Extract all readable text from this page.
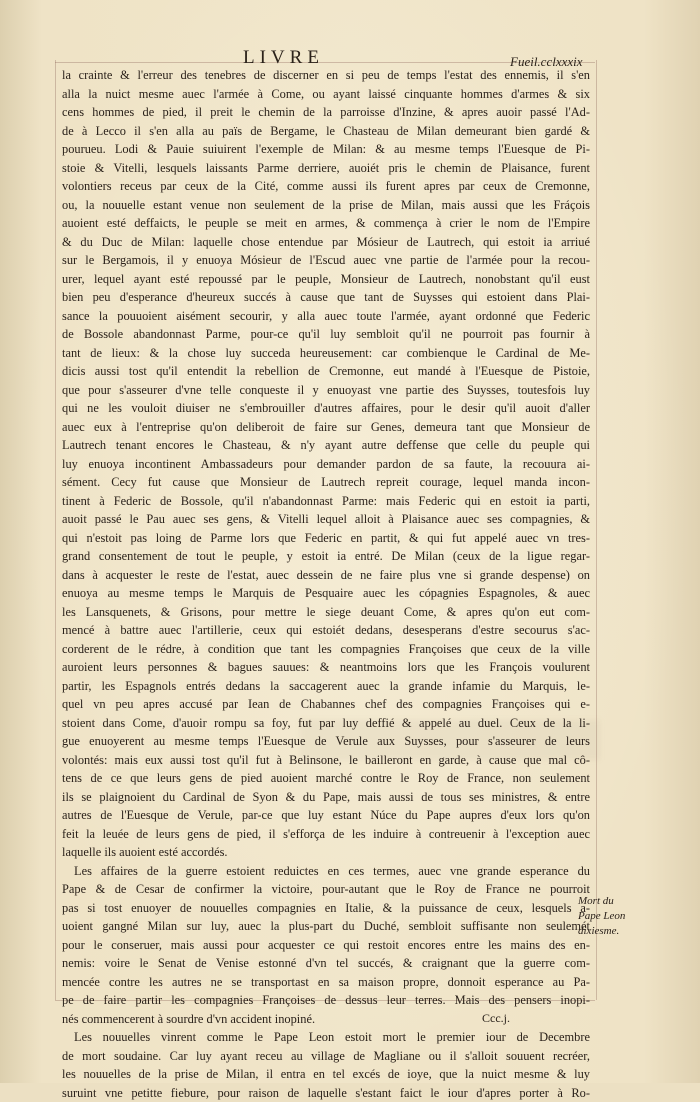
LIVRE	Fueil.cclxxxix
la crainte & l'erreur des tenebres de discerner en si peu de temps l'estat des ennemis, il s'en
alla la nuict mesme auec l'armée à Come, ou ayant laissé cinquante hommes d'armes & six
cens hommes de pied, il preit le chemin de la parroisse d'Inzine, & apres auoir passé l'Ad-
de à Lecco il s'en alla au païs de Bergame, le Chasteau de Milan demeurant bien gardé &
pourueu. Lodi & Pauie suiuirent l'exemple de Milan: & au mesme temps l'Euesque de Pi-
stoie & Vitelli, lesquels laissants Parme derriere, auoiét pris le chemin de Plaisance, furent
volontiers receus par ceux de la Cité, comme aussi ils furent apres par ceux de Cremonne,
ou, la nouuelle estant venue non seulement de la prise de Milan, mais aussi que les Fráçois
auoient esté deffaicts, le peuple se meit en armes, & commença à crier le nom de l'Empire
& du Duc de Milan: laquelle chose entendue par Mósieur de Lautrech, qui estoit ia arriué
sur le Bergamois, il y enuoya Mósieur de l'Escud auec vne partie de l'armée pour la recou-
urer, lequel ayant esté repoussé par le peuple, Monsieur de Lautrech, nonobstant qu'il eust
bien peu d'esperance d'heureux succés à cause que tant de Suysses qui estoient dans Plai-
sance la pouuoient aisément secourir, y alla auec toute l'armée, ayant ordonné que Federic
de Bossole abandonnast Parme, pour-ce qu'il luy sembloit qu'il ne pourroit pas fournir à
tant de lieux: & la chose luy succeda heureusement: car combienque le Cardinal de Me-
dicis aussi tost qu'il entendit la rebellion de Cremonne, eut mandé à l'Euesque de Pistoie,
que pour s'asseurer d'vne telle conqueste il y enuoyast vne partie des Suysses, toutesfois luy
qui ne les vouloit diuiser ne s'embrouiller d'autres affaires, pour le desir qu'il auoit d'aller
auec eux à l'entreprise qu'on deliberoit de faire sur Genes, demeura tant que Monsieur de
Lautrech tenant encores le Chasteau, & n'y ayant autre deffense que celle du peuple qui
luy enuoya incontinent Ambassadeurs pour demander pardon de sa faute, la recouura ai-
sément. Cecy fut cause que Monsieur de Lautrech repreit courage, lequel manda incon-
tinent à Federic de Bossole, qu'il n'abandonnast Parme: mais Federic qui en estoit ia parti,
auoit passé le Pau auec ses gens, & Vitelli lequel alloit à Plaisance auec ses compagnies, &
qui n'estoit pas loing de Parme lors que Federic en partit, & qui fut appelé auec vn tres-
grand consentement de tout le peuple, y estoit ia entré. De Milan (ceux de la ligue regar-
dans à acquester le reste de l'estat, auec dessein de ne faire plus vne si grande despense) on
enuoya au mesme temps le Marquis de Pesquaire auec les cópagnies Espagnoles, & auec
les Lansquenets, & Grisons, pour mettre le siege deuant Come, & apres qu'on eut com-
mencé à battre auec l'artillerie, ceux qui estoiét dedans, desesperans d'estre secourus s'ac-
corderent de le rédre, à condition que tant les compagnies Françoises que ceux de la ville
auroient leurs personnes & bagues sauues: & neantmoins lors que les François voulurent
partir, les Espagnols entrés dedans la saccagerent auec la grande infamie du Marquis, le-
quel vn peu apres accusé par Iean de Chabannes chef des compagnies Françoises qui e-
stoient dans Come, d'auoir rompu sa foy, fut par luy deffié & appelé au duel. Ceux de la li-
gue enuoyerent au mesme temps l'Euesque de Verule aux Suysses, pour s'asseurer de leurs
volontés: mais eux aussi tost qu'il fut à Belinsone, le bailleront en garde, à cause que mal cô-
tens de ce que leurs gens de pied auoient marché contre le Roy de France, non seulement
ils se plaignoient du Cardinal de Syon & du Pape, mais aussi de tous ses ministres, & entre
autres de l'Euesque de Verule, par-ce que luy estant Núce du Pape aupres d'eux lors qu'on
feit la leuée de leurs gens de pied, il s'efforça de les induire à contreuenir à l'exception auec
laquelle ils auoient esté accordés.
Les affaires de la guerre estoient reduictes en ces termes, auec vne grande esperance du
Pape & de Cesar de confirmer la victoire, pour-autant que le Roy de France ne pourroit
pas si tost enuoyer de nouuelles compagnies en Italie, & la puissance de ceux, lesquels a-
uoient gangné Milan sur luy, auec la plus-part du Duché, sembloit suffisante non seulemét
pour le conseruer, mais aussi pour acquester ce qui restoit encores entre les mains des en-
nemis: voire le Senat de Venise estonné d'vn tel succés, & craignant que la guerre com-
mencée contre les autres ne se transportast en sa maison propre, donnoit esperance au Pa-
pe de faire partir les compagnies Françoises de dessus leur terres. Mais des pensers inopi-
nés commencerent à sourdre d'vn accident inopiné.
Les nouuelles vinrent comme le Pape Leon estoit mort le premier iour de Decembre
de mort soudaine. Car luy ayant receu au village de Magliane ou il s'alloit souuent recréer,
les nouuelles de la prise de Milan, il entra en tel excés de ioye, que la nuict mesme & luy
suruint vne petitte fiebure, pour raison de laquelle s'estant faict le iour d'apres porter à Ro-
Mort du
Pape Leon
dixiesme.
Ccc.j.
